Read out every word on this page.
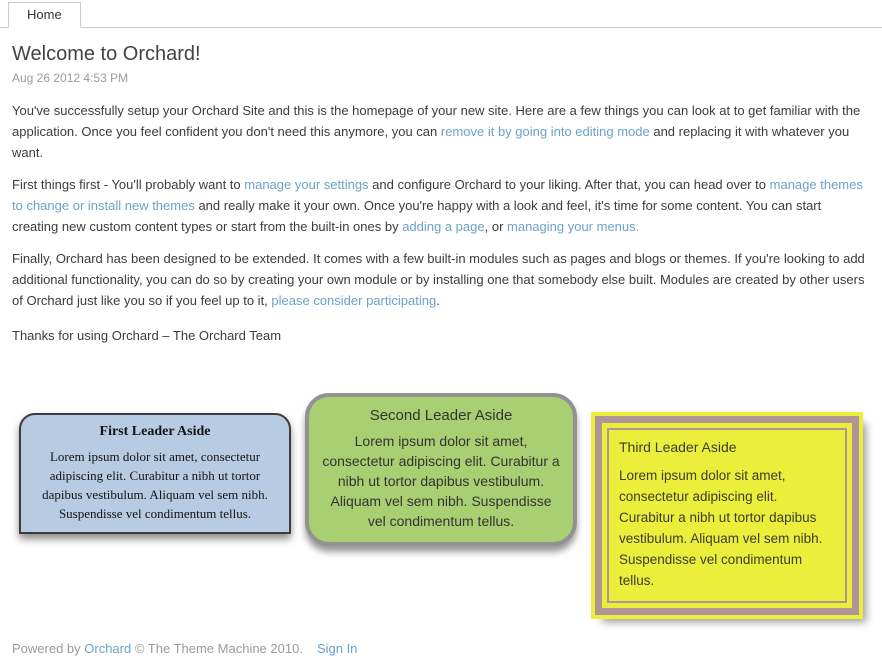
Home
Welcome to Orchard!
Aug 26 2012 4:53 PM

You've successfully setup your Orchard Site and this is the homepage of your new site. Here are a few things you can look at to get familiar with the application. Once you feel confident you don't need this anymore, you can remove it by going into editing mode and replacing it with whatever you want.

First things first - You'll probably want to manage your settings and configure Orchard to your liking. After that, you can head over to manage themes to change or install new themes and really make it your own. Once you're happy with a look and feel, it's time for some content. You can start creating new custom content types or start from the built-in ones by adding a page, or managing your menus.

Finally, Orchard has been designed to be extended. It comes with a few built-in modules such as pages and blogs or themes. If you're looking to add additional functionality, you can do so by creating your own module or by installing one that somebody else built. Modules are created by other users of Orchard just like you so if you feel up to it, please consider participating.

Thanks for using Orchard – The Orchard Team

First Leader Aside

Lorem ipsum dolor sit amet, consectetur adipiscing elit. Curabitur a nibh ut tortor dapibus vestibulum. Aliquam vel sem nibh. Suspendisse vel condimentum tellus.

Second Leader Aside

Lorem ipsum dolor sit amet, consectetur adipiscing elit. Curabitur a nibh ut tortor dapibus vestibulum. Aliquam vel sem nibh. Suspendisse vel condimentum tellus.

Third Leader Aside

Lorem ipsum dolor sit amet, consectetur adipiscing elit. Curabitur a nibh ut tortor dapibus vestibulum. Aliquam vel sem nibh. Suspendisse vel condimentum tellus.

Powered by Orchard © The Theme Machine 2010. Sign In
